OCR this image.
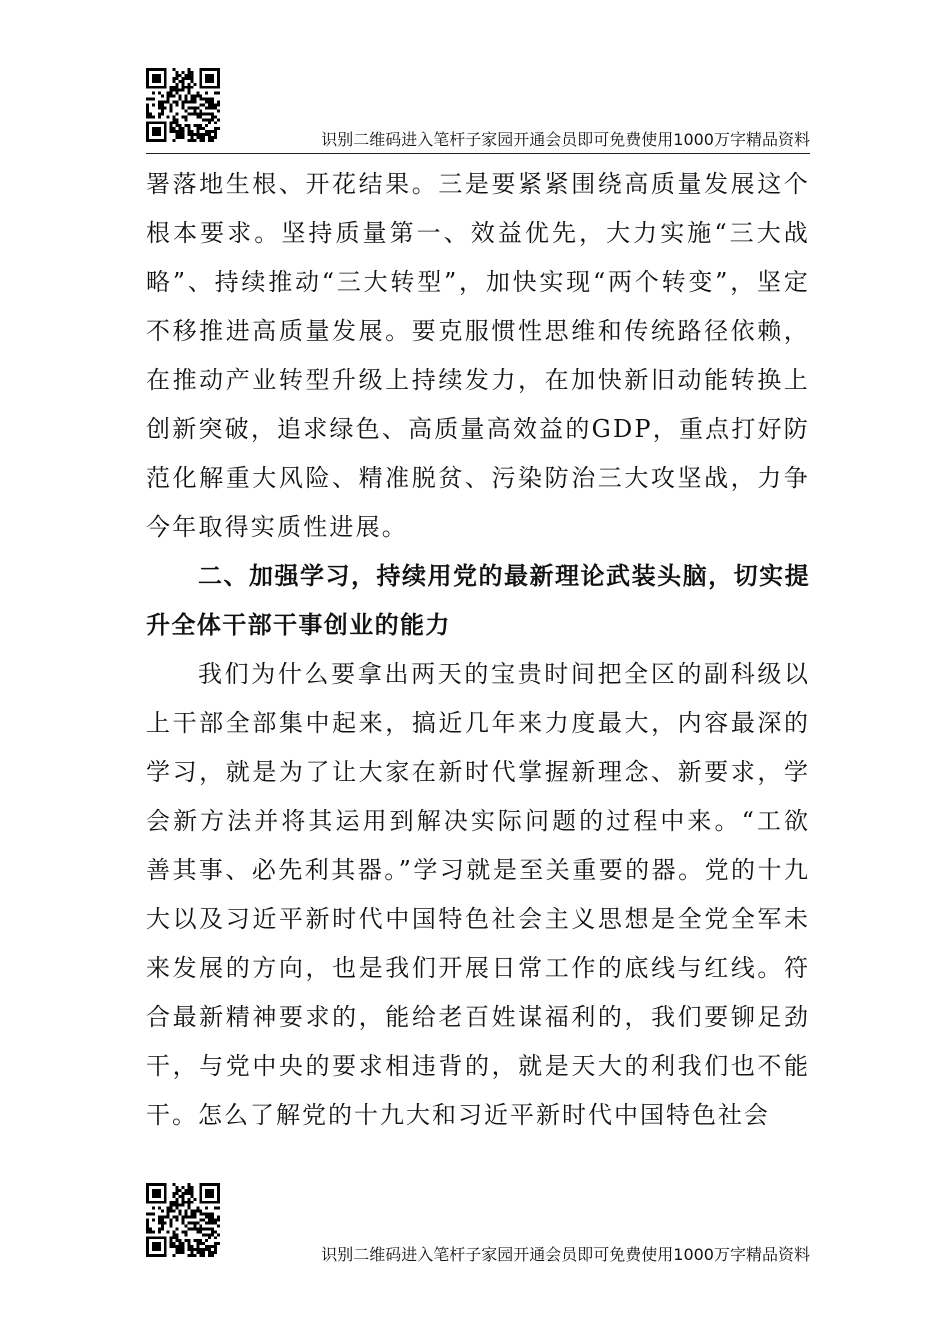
识别二维码进入笔杆子家园开通会员即可免费使用1000万字精品资料

署落地生根、开花结果。三是要紧紧围绕高质量发展这个根本要求。坚持质量第一、效益优先，大力实施“三大战略”、持续推动“三大转型”，加快实现“两个转变”，坚定不移推进高质量发展。要克服惯性思维和传统路径依赖，在推动产业转型升级上持续发力，在加快新旧动能转换上创新突破，追求绿色、高质量高效益的GDP，重点打好防范化解重大风险、精准脱贫、污染防治三大攻坚战，力争今年取得实质性进展。

二、加强学习，持续用党的最新理论武装头脑，切实提升全体干部干事创业的能力

我们为什么要拿出两天的宝贵时间把全区的副科级以上干部全部集中起来，搞近几年来力度最大，内容最深的学习，就是为了让大家在新时代掌握新理念、新要求，学会新方法并将其运用到解决实际问题的过程中来。“工欲善其事、必先利其器。”学习就是至关重要的器。党的十九大以及习近平新时代中国特色社会主义思想是全党全军未来发展的方向，也是我们开展日常工作的底线与红线。符合最新精神要求的，能给老百姓谋福利的，我们要铆足劲干，与党中央的要求相违背的，就是天大的利我们也不能干。怎么了解党的十九大和习近平新时代中国特色社会

识别二维码进入笔杆子家园开通会员即可免费使用1000万字精品资料
